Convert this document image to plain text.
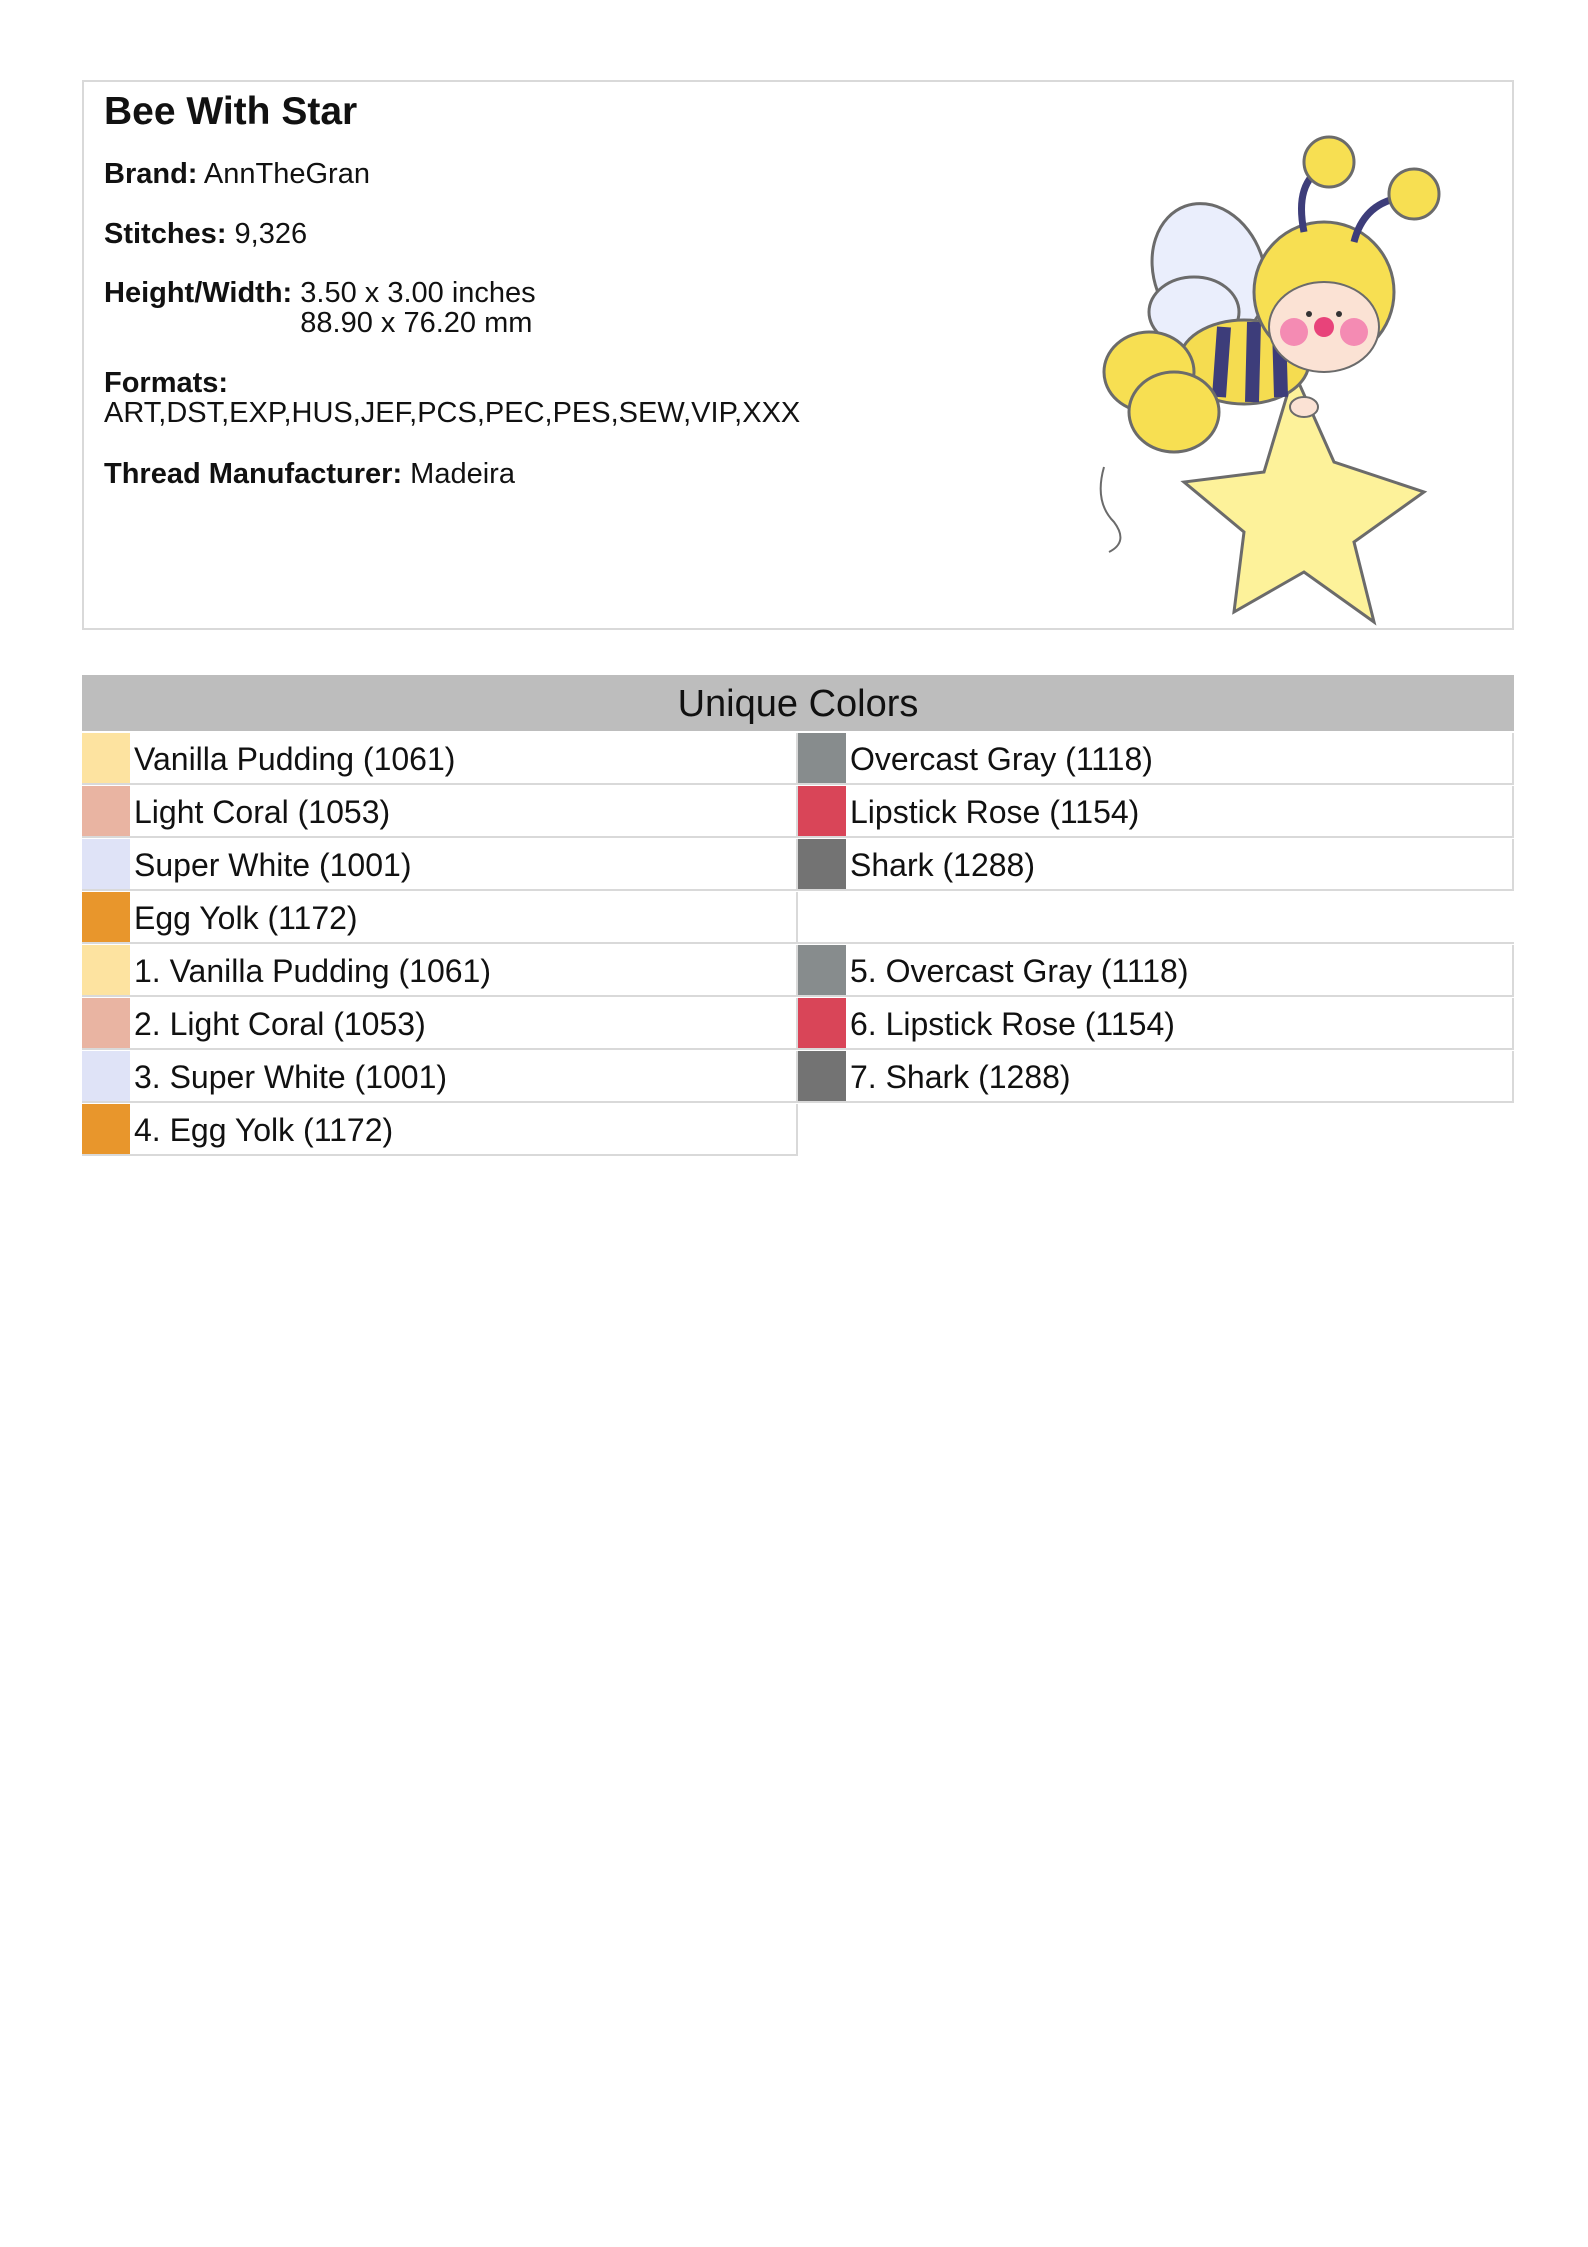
Bee With Star
Brand: AnnTheGran
Stitches: 9,326
Height/Width: 3.50 x 3.00 inches
88.90 x 76.20 mm
Formats:
ART,DST,EXP,HUS,JEF,PCS,PEC,PES,SEW,VIP,XXX
Thread Manufacturer: Madeira
Unique Colors
Vanilla Pudding (1061)
Light Coral (1053)
Super White (1001)
Egg Yolk (1172)
1. Vanilla Pudding (1061)
2. Light Coral (1053)
3. Super White (1001)
4. Egg Yolk (1172)
Overcast Gray (1118)
Lipstick Rose (1154)
Shark (1288)
5. Overcast Gray (1118)
6. Lipstick Rose (1154)
7. Shark (1288)
